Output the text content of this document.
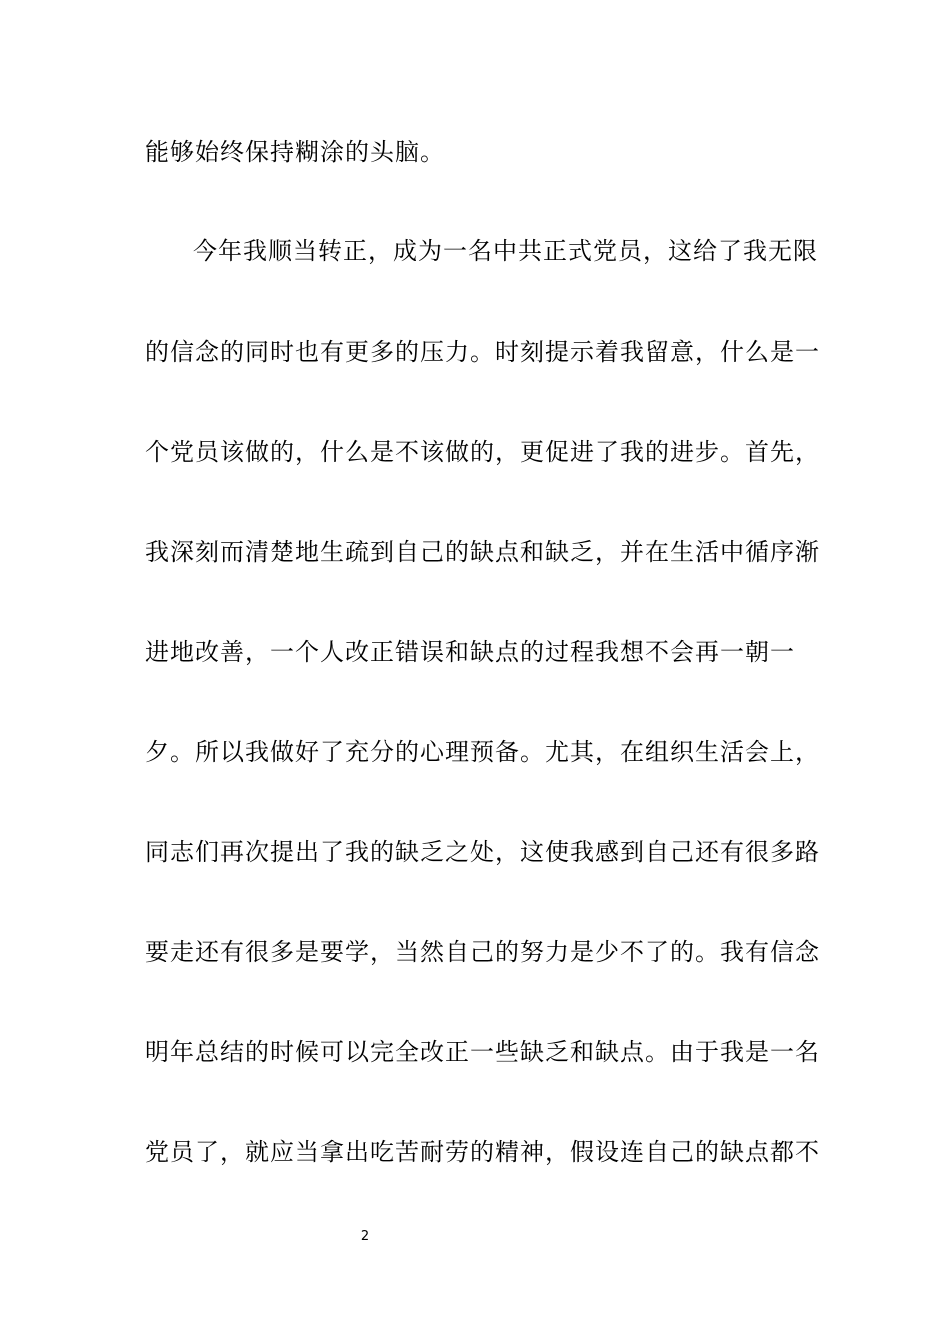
能够始终保持糊涂的头脑。
今年我顺当转正，成为一名中共正式党员，这给了我无限
的信念的同时也有更多的压力。时刻提示着我留意，什么是一
个党员该做的，什么是不该做的，更促进了我的进步。首先，
我深刻而清楚地生疏到自己的缺点和缺乏，并在生活中循序渐
进地改善，一个人改正错误和缺点的过程我想不会再一朝一
夕。所以我做好了充分的心理预备。尤其，在组织生活会上，
同志们再次提出了我的缺乏之处，这使我感到自己还有很多路
要走还有很多是要学，当然自己的努力是少不了的。我有信念
明年总结的时候可以完全改正一些缺乏和缺点。由于我是一名
党员了，就应当拿出吃苦耐劳的精神，假设连自己的缺点都不
2
